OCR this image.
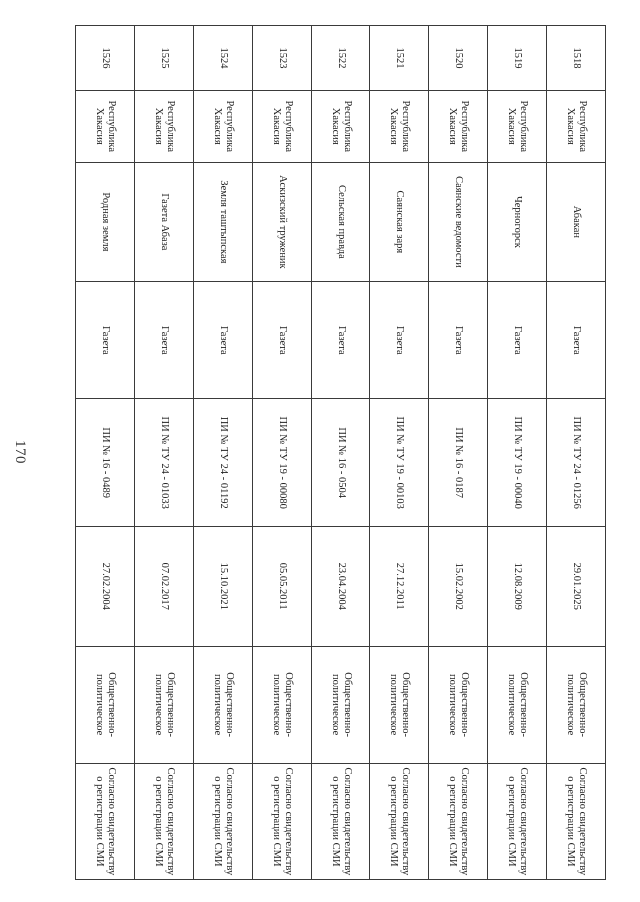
170
1518	Республика Хакасия	Абакан	Газета	ПИ № ТУ 24 - 01256	29.01.2025	Общественно-политическое	Согласно свидетельству о регистрации СМИ
1519	Республика Хакасия	Черногорск	Газета	ПИ № ТУ 19 - 00040	12.08.2009	Общественно-политическое	Согласно свидетельству о регистрации СМИ
1520	Республика Хакасия	Саянские ведомости	Газета	ПИ № 16 - 0187	15.02.2002	Общественно-политическое	Согласно свидетельству о регистрации СМИ
1521	Республика Хакасия	Саянская заря	Газета	ПИ № ТУ 19 - 00103	27.12.2011	Общественно-политическое	Согласно свидетельству о регистрации СМИ
1522	Республика Хакасия	Сельская правда	Газета	ПИ № 16 - 0504	23.04.2004	Общественно-политическое	Согласно свидетельству о регистрации СМИ
1523	Республика Хакасия	Аскизский труженик	Газета	ПИ № ТУ 19 - 00080	05.05.2011	Общественно-политическое	Согласно свидетельству о регистрации СМИ
1524	Республика Хакасия	Земля таштыпская	Газета	ПИ № ТУ 24 - 01192	15.10.2021	Общественно-политическое	Согласно свидетельству о регистрации СМИ
1525	Республика Хакасия	Газета Абаза	Газета	ПИ № ТУ 24 - 01033	07.02.2017	Общественно-политическое	Согласно свидетельству о регистрации СМИ
1526	Республика Хакасия	Родная земля	Газета	ПИ № 16 - 0489	27.02.2004	Общественно-политическое	Согласно свидетельству о регистрации СМИ
